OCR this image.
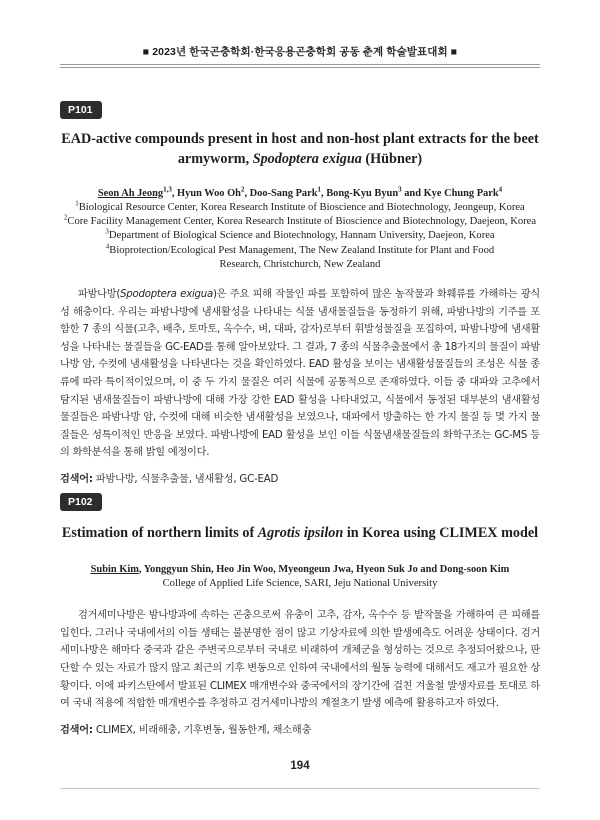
■ 2023년 한국곤충학회·한국응용곤충학회 공동 춘계 학술발표대회 ■
P101
EAD-active compounds present in host and non-host plant extracts for the beet armyworm, Spodoptera exigua (Hübner)
Seon Ah Jeong$^{1,3}$, Hyun Woo Oh$^2$, Doo-Sang Park$^1$, Bong-Kyu Byun$^3$ and Kye Chung Park$^4$
$^1$Biological Resource Center, Korea Research Institute of Bioscience and Biotechnology, Jeongeup, Korea
$^2$Core Facility Management Center, Korea Research Institute of Bioscience and Biotechnology, Daejeon, Korea
$^3$Department of Biological Science and Biotechnology, Hannam University, Daejeon, Korea
$^4$Bioprotection/Ecological Pest Management, The New Zealand Institute for Plant and Food Research, Christchurch, New Zealand
파밤나방(Spodoptera exigua)은 주요 피해 작물인 파를 포함하여 많은 농작물과 화훼류를 가해하는 광식성 해충이다. 우리는 파밤나방에 냄새활성을 나타내는 식물 냄새물질들을 동정하기 위해, 파밤나방의 기주를 포함한 7 종의 식물(고추, 배추, 토마토, 옥수수, 벼, 대파, 감자)로부터 휘발성물질을 포집하여, 파밤나방에 냄새활성을 나타내는 물질들을 GC-EAD를 통해 알아보았다. 그 결과, 7 종의 식물추출물에서 총 18가지의 물질이 파밤나방 암, 수컷에 냄새활성을 나타낸다는 것을 확인하였다. EAD 활성을 보이는 냄새활성물질들의 조성은 식물 종류에 따라 특이적이었으며, 이 중 두 가지 물질은 여러 식물에 공통적으로 존재하였다. 이들 중 대파와 고추에서 탐지된 냄새물질들이 파밤나방에 대해 가장 강한 EAD 활성을 나타내었고, 식물에서 동정된 대부분의 냄새활성물질들은 파밤나방 암, 수컷에 대해 비슷한 냄새활성을 보였으나, 대파에서 방출하는 한 가지 물질 등 몇 가지 물질들은 성특이적인 반응을 보였다. 파밤나방에 EAD 활성을 보인 이들 식물냄새물질들의 화학구조는 GC-MS 등의 화학분석을 통해 밝힐 예정이다.
검색어: 파밤나방, 식물추출물, 냄새활성, GC-EAD
P102
Estimation of northern limits of Agrotis ipsilon in Korea using CLIMEX model
Subin Kim, Yonggyun Shin, Heo Jin Woo, Myeongeun Jwa, Hyeon Suk Jo and Dong-soon Kim
College of Applied Life Science, SARI, Jeju National University
검거세미나방은 밤나방과에 속하는 곤충으로써 유충이 고추, 감자, 옥수수 등 밭작물을 가해하여 큰 피해를 입힌다. 그러나 국내에서의 이들 생태는 불분명한 점이 많고 기상자료에 의한 발생예측도 어려운 상태이다. 검거세미나방은 해마다 중국과 같은 주변국으로부터 국내로 비래하여 개체군을 형성하는 것으로 추정되어왔으나, 판단할 수 있는 자료가 많지 않고 최근의 기후 변동으로 인하여 국내에서의 월동 능력에 대해서도 재고가 필요한 상황이다. 이에 파키스탄에서 발표된 CLIMEX 매개변수와 중국에서의 장기간에 걸친 겨울철 발생자료를 토대로 하여 국내 적용에 적합한 매개변수를 추정하고 검거세미나방의 계절초기 발생 예측에 활용하고자 하였다.
검색어: CLIMEX, 비래해충, 기후변동, 월동한계, 채소해충
194
